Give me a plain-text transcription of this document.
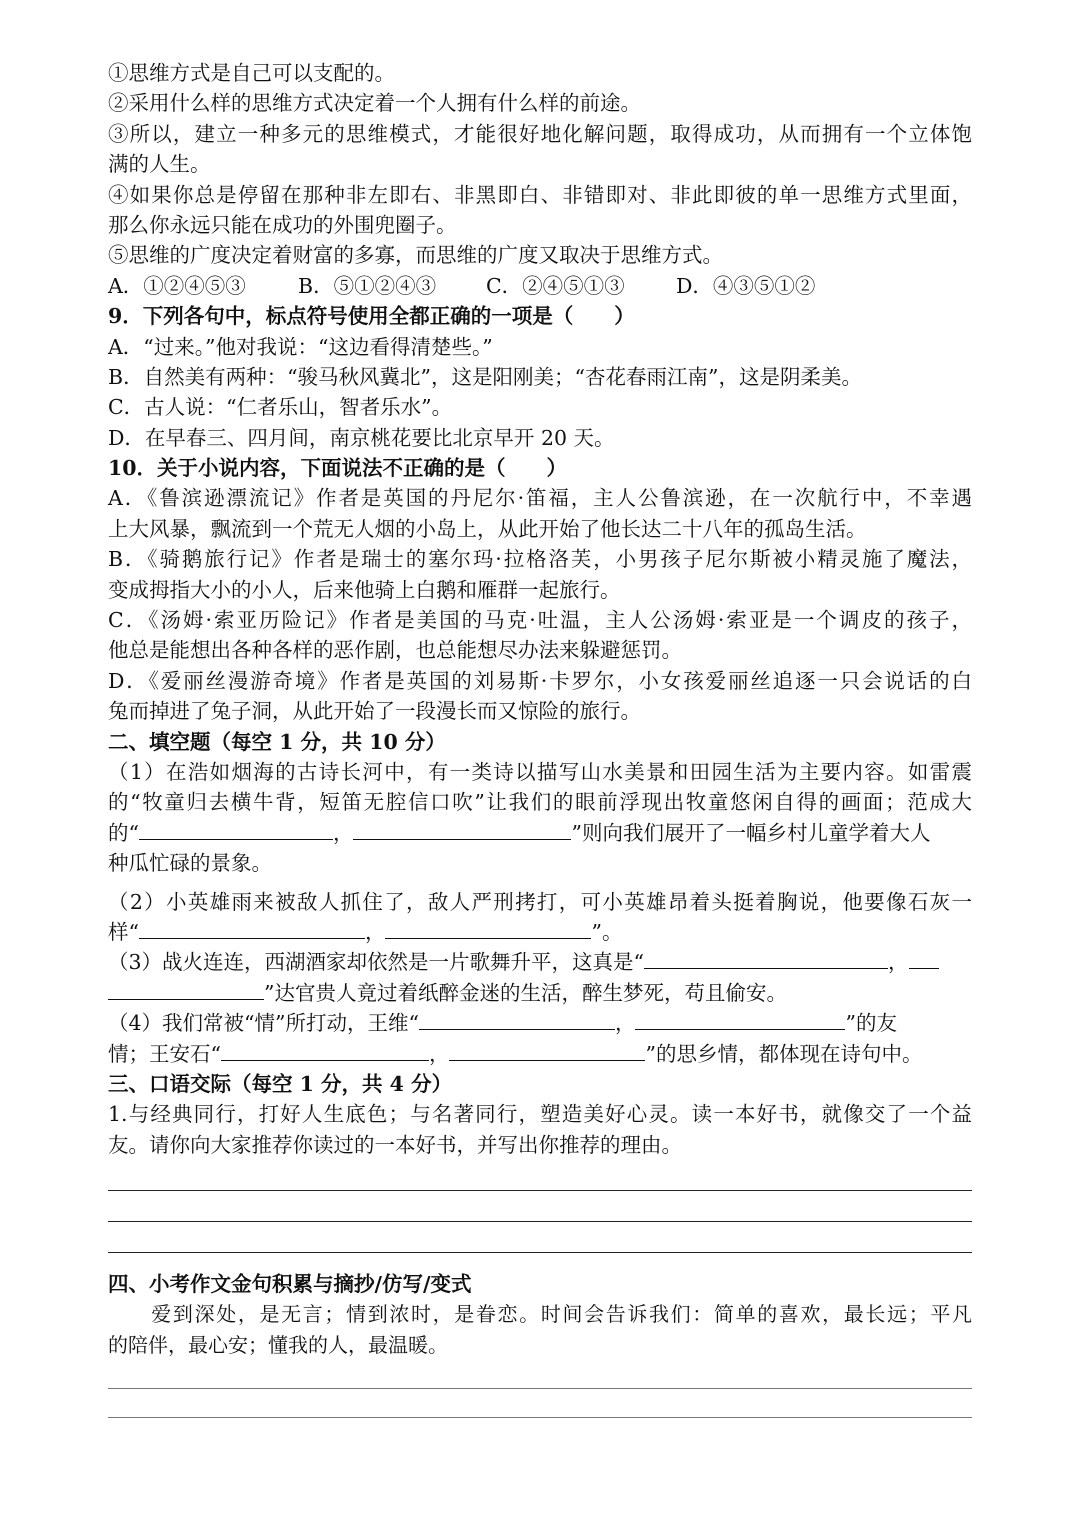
①思维方式是自己可以支配的。
②采用什么样的思维方式决定着一个人拥有什么样的前途。
③所以，建立一种多元的思维模式，才能很好地化解问题，取得成功，从而拥有一个立体饱
满的人生。
④如果你总是停留在那种非左即右、非黑即白、非错即对、非此即彼的单一思维方式里面，
那么你永远只能在成功的外围兜圈子。
⑤思维的广度决定着财富的多寡，而思维的广度又取决于思维方式。
A．①②④⑤③	B．⑤①②④③ C．②④⑤①③	D．④③⑤①②
9．下列各句中，标点符号使用全都正确的一项是（　　）
A．“过来。”他对我说：“这边看得清楚些。”
B．自然美有两种：“骏马秋风冀北”，这是阳刚美；“杏花春雨江南”，这是阴柔美。
C．古人说：“仁者乐山，智者乐水”。
D．在早春三、四月间，南京桃花要比北京早开 20 天。
10．关于小说内容，下面说法不正确的是（　　）
A．《鲁滨逊漂流记》作者是英国的丹尼尔·笛福，主人公鲁滨逊，在一次航行中，不幸遇
上大风暴，飘流到一个荒无人烟的小岛上，从此开始了他长达二十八年的孤岛生活。
B．《骑鹅旅行记》作者是瑞士的塞尔玛·拉格洛芙，小男孩子尼尔斯被小精灵施了魔法，
变成拇指大小的小人，后来他骑上白鹅和雁群一起旅行。
C．《汤姆·索亚历险记》作者是美国的马克·吐温，主人公汤姆·索亚是一个调皮的孩子，
他总是能想出各种各样的恶作剧，也总能想尽办法来躲避惩罚。
D．《爱丽丝漫游奇境》作者是英国的刘易斯·卡罗尔，小女孩爱丽丝追逐一只会说话的白
兔而掉进了兔子洞，从此开始了一段漫长而又惊险的旅行。
二、填空题（每空 1 分，共 10 分）
（1）在浩如烟海的古诗长河中，有一类诗以描写山水美景和田园生活为主要内容。如雷震
的“牧童归去横牛背，短笛无腔信口吹”让我们的眼前浮现出牧童悠闲自得的画面；范成大
的“	，	”则向我们展开了一幅乡村儿童学着大人
种瓜忙碌的景象。
（2）小英雄雨来被敌人抓住了，敌人严刑拷打，可小英雄昂着头挺着胸说，他要像石灰一
样“	，	”。
（3）战火连连，西湖酒家却依然是一片歌舞升平，这真是“	，
”达官贵人竟过着纸醉金迷的生活，醉生梦死，苟且偷安。
（4）我们常被“情”所打动，王维“	，	”的友
情；王安石“	，	”的思乡情，都体现在诗句中。
三、口语交际（每空 1 分，共 4 分）
1.与经典同行，打好人生底色；与名著同行，塑造美好心灵。读一本好书，就像交了一个益
友。请你向大家推荐你读过的一本好书，并写出你推荐的理由。
四、小考作文金句积累与摘抄/仿写/变式
　　爱到深处，是无言；情到浓时，是眷恋。时间会告诉我们：简单的喜欢，最长远；平凡
的陪伴，最心安；懂我的人，最温暖。
